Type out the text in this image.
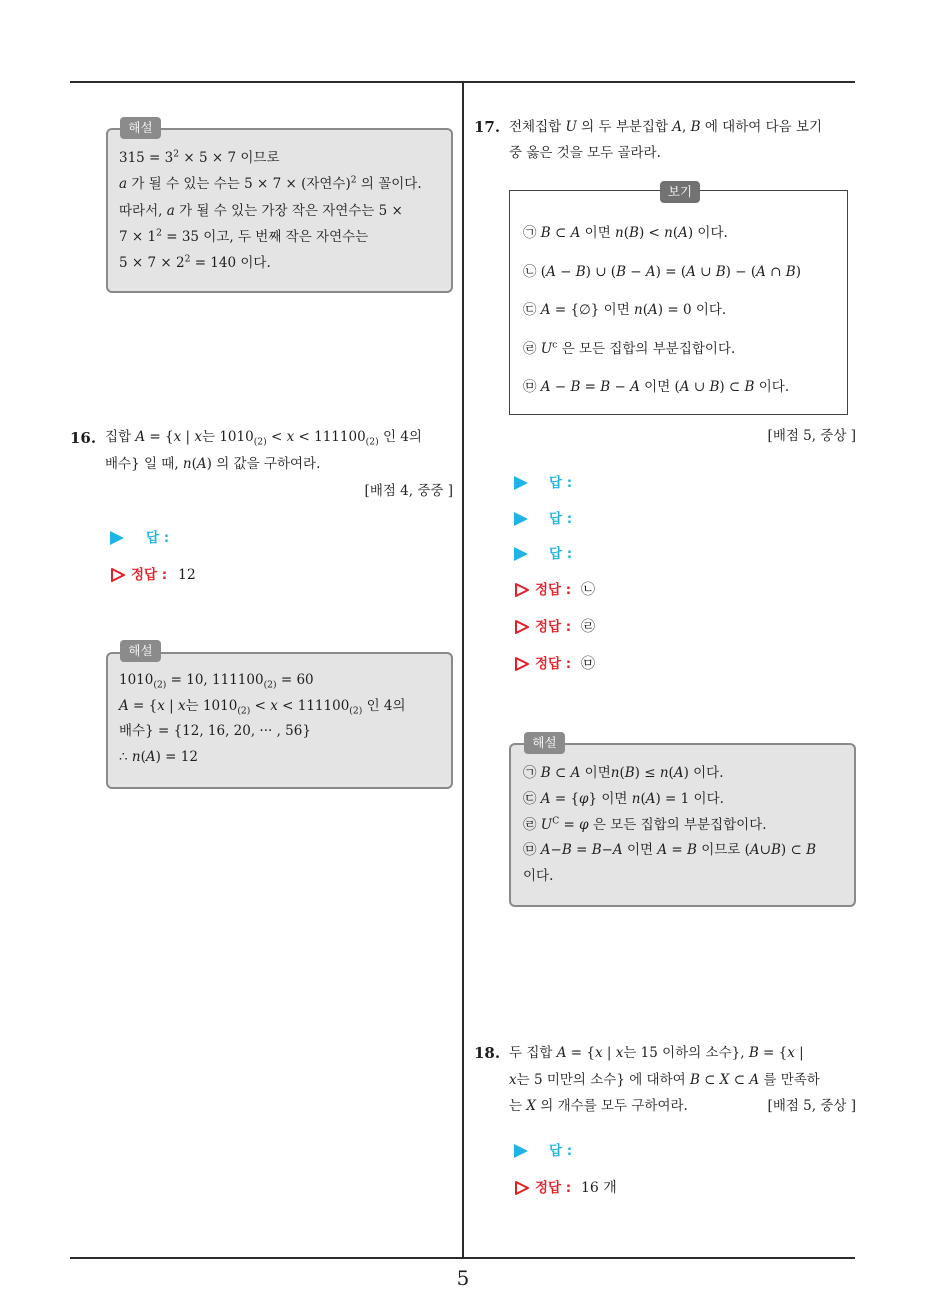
$315 = 3^2 \times 5 \times 7$ 이므로
a 가 될 수 있는 수는 5 × 7 × (자연수)$^2$ 의 꼴이다.
따라서, a 가 될 수 있는 가장 작은 자연수는 5 ×
$7 \times 1^2 = 35$ 이고, 두 번째 작은 자연수는
$5 \times 7 \times 2^2 = 140$ 이다.
해설
16. 집합 A = {x | x는 $1010_{(2)} < x < 111100_{(2)}$ 인 4의
배수} 일 때, n(A) 의 값을 구하여라.
[배점 4, 중중 ]
답 :
정답 : 12
$1010_{(2)} = 10$, $111100_{(2)} = 60$
A = {x | x는 $1010_{(2)} < x < 111100_{(2)}$ 인 4의
배수} = {12, 16, 20, ··· , 56}
∴ n(A) = 12
해설
17. 전체집합 U 의 두 부분집합 A, B 에 대하여 다음 보기
중 옳은 것을 모두 골라라.
㉠ B ⊂ A 이면 n(B) < n(A) 이다.
㉡ (A − B) ∪ (B − A) = (A ∪ B) − (A ∩ B)
㉢ A = {∅} 이면 n(A) = 0 이다.
㉣ $U^c$ 은 모든 집합의 부분집합이다.
㉤ A − B = B − A 이면 (A ∪ B) ⊂ B 이다.
보기
[배점 5, 중상 ]
답 :
답 :
답 :
정답 : ㉡
정답 : ㉣
정답 : ㉤
㉠ B ⊂ A 이면n(B) ≤ n(A) 이다.
㉢ A = {φ} 이면 n(A) = 1 이다.
㉣ $U^C = \varphi$ 은 모든 집합의 부분집합이다.
㉤ A−B = B−A 이면 A = B 이므로 (A∪B) ⊂ B
이다.
해설
18. 두 집합 A = {x | x는 15 이하의 소수}, B = {x |
x는 5 미만의 소수} 에 대하여 B ⊂ X ⊂ A 를 만족하
는 X 의 개수를 모두 구하여라.	[배점 5, 중상 ]
답 :
정답 : 16 개
5
